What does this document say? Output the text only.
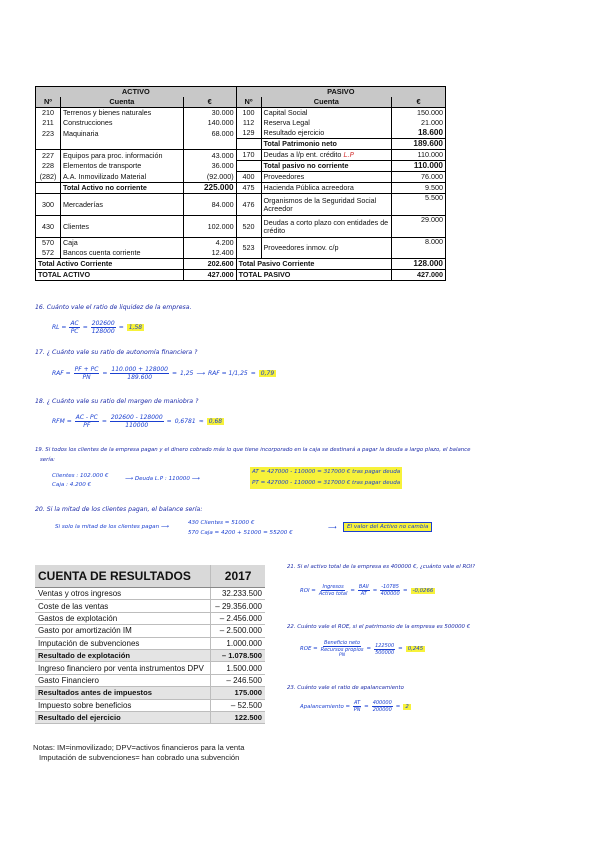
ACTIVO			PASIVO		
Nº	Cuenta	€	Nº	Cuenta	€
210	Terrenos y bienes naturales	30.000	100	Capital Social	150.000
211	Construcciones	140.000	112	Reserva Legal	21.000
223	Maquinaria	68.000	129	Resultado ejercicio	18.600
				Total Patrimonio neto	189.600
227	Equipos para proc. información	43.000	170	Deudas a l/p ent. crédito L.P	110.000
228	Elementos de transporte	36.000		Total pasivo no corriente	110.000
(282)	A.A. Inmovilizado Material	(92.000)	400	Proveedores	76.000
	Total Activo no corriente	225.000	475	Hacienda Pública acreedora	9.500
300	Mercaderías	84.000	476	Organismos de la Seguridad Social Acreedor	5.500
430	Clientes	102.000	520	Deudas a corto plazo con entidades de crédito	29.000
570	Caja	4.200	523	Proveedores inmov. c/p	8.000
572	Bancos cuenta corriente	12.400			
Total Activo Corriente		202.600	Total Pasivo Corriente		128.000
TOTAL ACTIVO		427.000	TOTAL PASIVO		427.000
16. Cuánto vale el ratio de liquidez de la empresa.
RL = $\frac{AC}{PC} = \frac{202600}{128000} = 1,58$
17. ¿ Cuánto vale su ratio de autonomía financiera ?
RAF = $\frac{PF + PC}{PN} = \frac{110.000 + 128000}{189.600} = 1,25$ ⟶ RAF = 1/1,25 = 0,79
18. ¿ Cuánto vale su ratio del margen de maniobra ?
RFM = $\frac{AC - PC}{PF} = \frac{202600 - 128000}{110000} = 0,6781 \approx 0,68$
19. Si todos los clientes de la empresa pagan y el dinero cobrado más lo que tiene incorporado en la caja se destinará a pagar la deuda a largo plazo, el balance
sería:
Clientes : 102.000 €
Caja : 4.200 €
⟶ Deuda L.P : 110000 ⟶
AT = 427000 - 110000 = 317000 € tras pagar deuda
PT = 427000 - 110000 = 317000 € tras pagar deuda
20. Si la mitad de los clientes pagan, el balance sería:
Si solo la mitad de los clientes pagan ⟶
430 Clientes = 51000 €
570 Caja = 4200 + 51000 = 55200 €
⟶	El valor del Activo no cambia
CUENTA DE RESULTADOS	2017
Ventas y otros ingresos	32.233.500
Coste de las ventas	– 29.356.000
Gastos de explotación	– 2.456.000
Gasto por amortización IM	– 2.500.000
Imputación de subvenciones	1.000.000
Resultado de explotación	– 1.078.500
Ingreso financiero por venta instrumentos DPV	1.500.000
Gasto Financiero	– 246.500
Resultados antes de impuestos	175.000
Impuesto sobre beneficios	– 52.500
Resultado del ejercicio	122.500
Notas: IM=inmovilizado; DPV=activos financieros para la venta
Imputación de subvenciones= han cobrado una subvención
21. Si el activo total de la empresa es 400000 €, ¿cuánto vale el ROI?
ROI = $\frac{\text{Ingresos}}{\text{Activo total}} = \frac{\text{BAII}}{AT} = \frac{-10785}{400000} = -0,0266$
22. Cuánto vale el ROE, si el patrimonio de la empresa es 500000 €
ROE =
Beneficio neto
Recursos propios
PN
= $\frac{122500}{500000} = 0,245$
23. Cuánto vale el ratio de apalancamiento
Apalancamiento = $\frac{AT}{PN} = \frac{400000}{200000} = 2$
